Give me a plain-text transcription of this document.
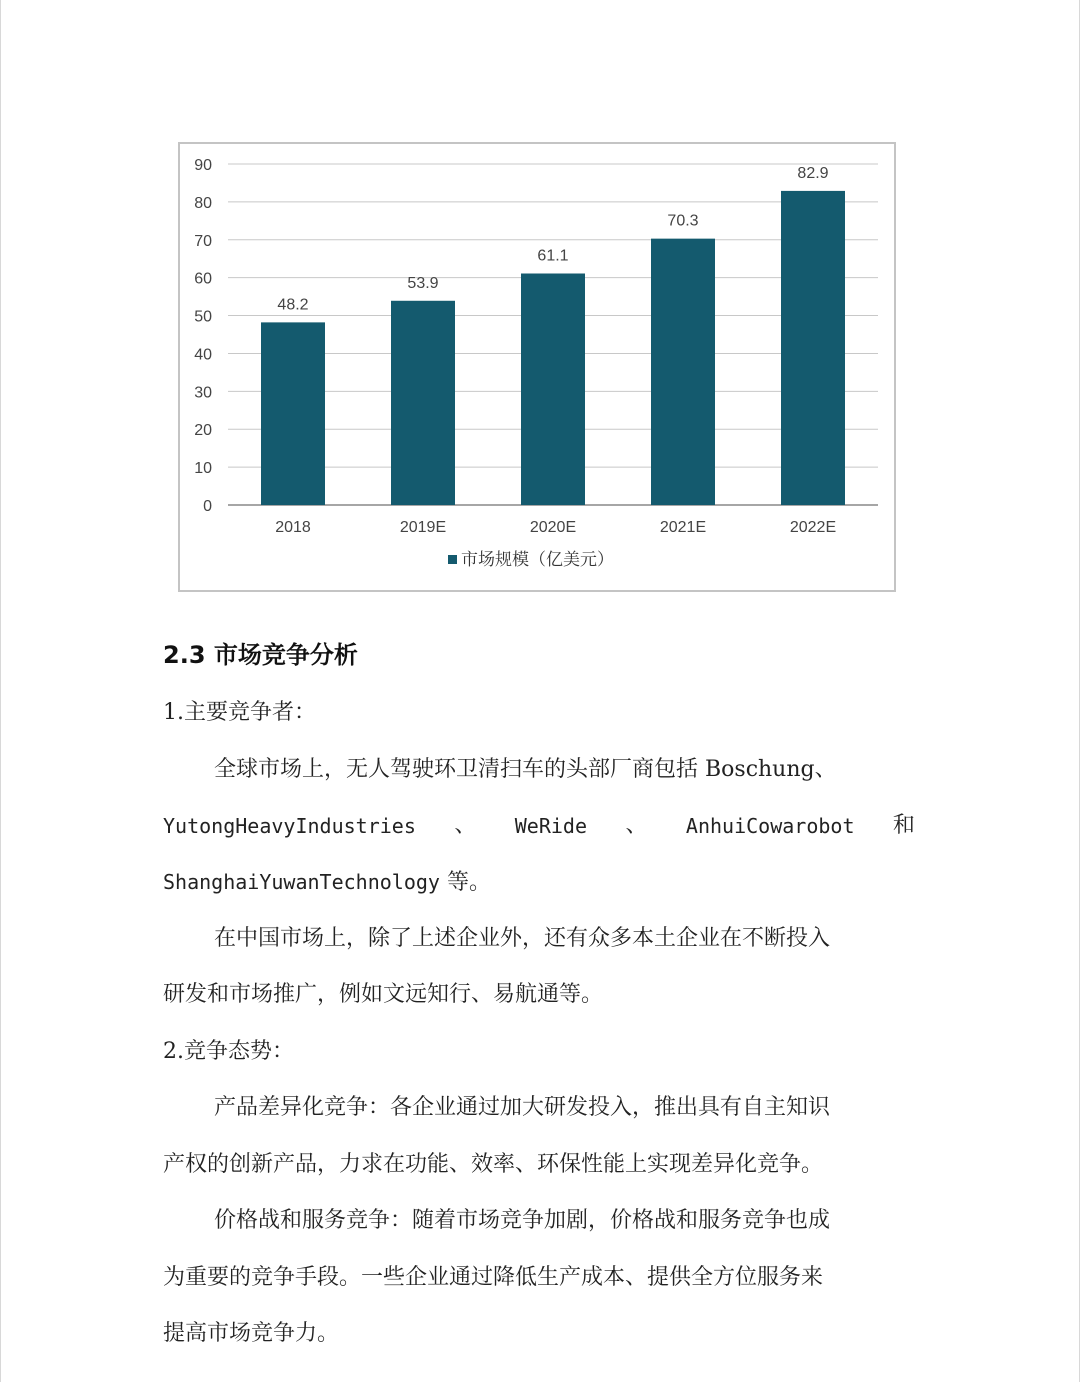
0
10
20
30
40
50
60
70
80
90
48.2
2018
53.9
2019E
61.1
2020E
70.3
2021E
82.9
2022E
市场规模（亿美元）
2.3 市场竞争分析
1.主要竞争者：
全球市场上，无人驾驶环卫清扫车的头部厂商包括 Boschung、
YutongHeavyIndustries 、 WeRide 、 AnhuiCowarobot 和
ShanghaiYuwanTechnology 等。
在中国市场上，除了上述企业外，还有众多本土企业在不断投入
研发和市场推广，例如文远知行、易航通等。
2.竞争态势：
产品差异化竞争：各企业通过加大研发投入，推出具有自主知识
产权的创新产品，力求在功能、效率、环保性能上实现差异化竞争。
价格战和服务竞争：随着市场竞争加剧，价格战和服务竞争也成
为重要的竞争手段。一些企业通过降低生产成本、提供全方位服务来
提高市场竞争力。
